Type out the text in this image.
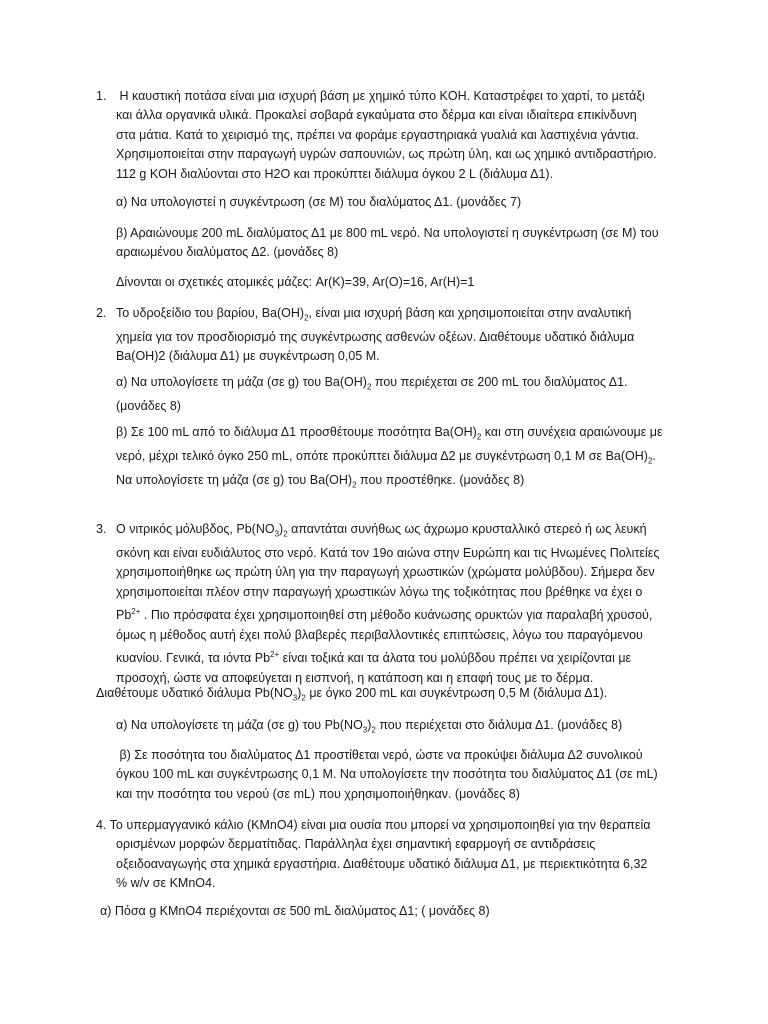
1. Η καυστική ποτάσα είναι μια ισχυρή βάση με χημικό τύπο KOH. Καταστρέφει το χαρτί, το μετάξι
και άλλα οργανικά υλικά. Προκαλεί σοβαρά εγκαύματα στο δέρμα και είναι ιδιαίτερα επικίνδυνη
στα μάτια. Κατά το χειρισμό της, πρέπει να φοράμε εργαστηριακά γυαλιά και λαστιχένια γάντια.
Χρησιμοποιείται στην παραγωγή υγρών σαπουνιών, ως πρώτη ύλη, και ως χημικό αντιδραστήριο.
112 g KOH διαλύονται στο H2O και προκύπτει διάλυμα όγκου 2 L (διάλυμα Δ1).
α) Να υπολογιστεί η συγκέντρωση (σε Μ) του διαλύματος Δ1. (μονάδες 7)
β) Αραιώνουμε 200 mL διαλύματος Δ1 με 800 mL νερό. Να υπολογιστεί η συγκέντρωση (σε Μ) του
αραιωμένου διαλύματος Δ2. (μονάδες 8)
Δίνονται οι σχετικές ατομικές μάζες: Ar(K)=39, Ar(O)=16, Ar(H)=1
2. Το υδροξείδιο του βαρίου, $Ba(OH)_2$, είναι μια ισχυρή βάση και χρησιμοποιείται στην αναλυτική
χημεία για τον προσδιορισμό της συγκέντρωσης ασθενών οξέων. Διαθέτουμε υδατικό διάλυμα
Ba(OH)2 (διάλυμα Δ1) με συγκέντρωση 0,05 M.
α) Να υπολογίσετε τη μάζα (σε g) του $Ba(OH)_2$ που περιέχεται σε 200 mL του διαλύματος Δ1.
(μονάδες 8)
β) Σε 100 mL από το διάλυμα Δ1 προσθέτουμε ποσότητα $Ba(OH)_2$ και στη συνέχεια αραιώνουμε με
νερό, μέχρι τελικό όγκο 250 mL, οπότε προκύπτει διάλυμα Δ2 με συγκέντρωση 0,1 M σε $Ba(OH)_2$.
Να υπολογίσετε τη μάζα (σε g) του $Ba(OH)_2$ που προστέθηκε. (μονάδες 8)
3. Ο νιτρικός μόλυβδος, $Pb(NO_3)_2$ απαντάται συνήθως ως άχρωμο κρυσταλλικό στερεό ή ως λευκή
σκόνη και είναι ευδιάλυτος στο νερό. Κατά τον 19ο αιώνα στην Ευρώπη και τις Ηνωμένες Πολιτείες
χρησιμοποιήθηκε ως πρώτη ύλη για την παραγωγή χρωστικών (χρώματα μολύβδου). Σήμερα δεν
χρησιμοποιείται πλέον στην παραγωγή χρωστικών λόγω της τοξικότητας που βρέθηκε να έχει ο
$Pb^{2+}$ . Πιο πρόσφατα έχει χρησιμοποιηθεί στη μέθοδο κυάνωσης ορυκτών για παραλαβή χρυσού,
όμως η μέθοδος αυτή έχει πολύ βλαβερές περιβαλλοντικές επιπτώσεις, λόγω του παραγόμενου
κυανίου. Γενικά, τα ιόντα $Pb^{2+}$ είναι τοξικά και τα άλατα του μολύβδου πρέπει να χειρίζονται με
προσοχή, ώστε να αποφεύγεται η εισπνοή, η κατάποση και η επαφή τους με το δέρμα.
Διαθέτουμε υδατικό διάλυμα $Pb(NO_3)_2$ με όγκο 200 mL και συγκέντρωση 0,5 M (διάλυμα Δ1).
α) Να υπολογίσετε τη μάζα (σε g) του $Pb(NO_3)_2$ που περιέχεται στο διάλυμα Δ1. (μονάδες 8)
β) Σε ποσότητα του διαλύματος Δ1 προστίθεται νερό, ώστε να προκύψει διάλυμα Δ2 συνολικού
όγκου 100 mL και συγκέντρωσης 0,1 M. Να υπολογίσετε την ποσότητα του διαλύματος Δ1 (σε mL)
και την ποσότητα του νερού (σε mL) που χρησιμοποιήθηκαν. (μονάδες 8)
4. Το υπερμαγγανικό κάλιο (KMnO4) είναι μια ουσία που μπορεί να χρησιμοποιηθεί για την θεραπεία
ορισμένων μορφών δερματίτιδας. Παράλληλα έχει σημαντική εφαρμογή σε αντιδράσεις
οξειδοαναγωγής στα χημικά εργαστήρια. Διαθέτουμε υδατικό διάλυμα Δ1, με περιεκτικότητα 6,32
% w/v σε KMnO4.
α) Πόσα g KMnO4 περιέχονται σε 500 mL διαλύματος Δ1; ( μονάδες 8)
